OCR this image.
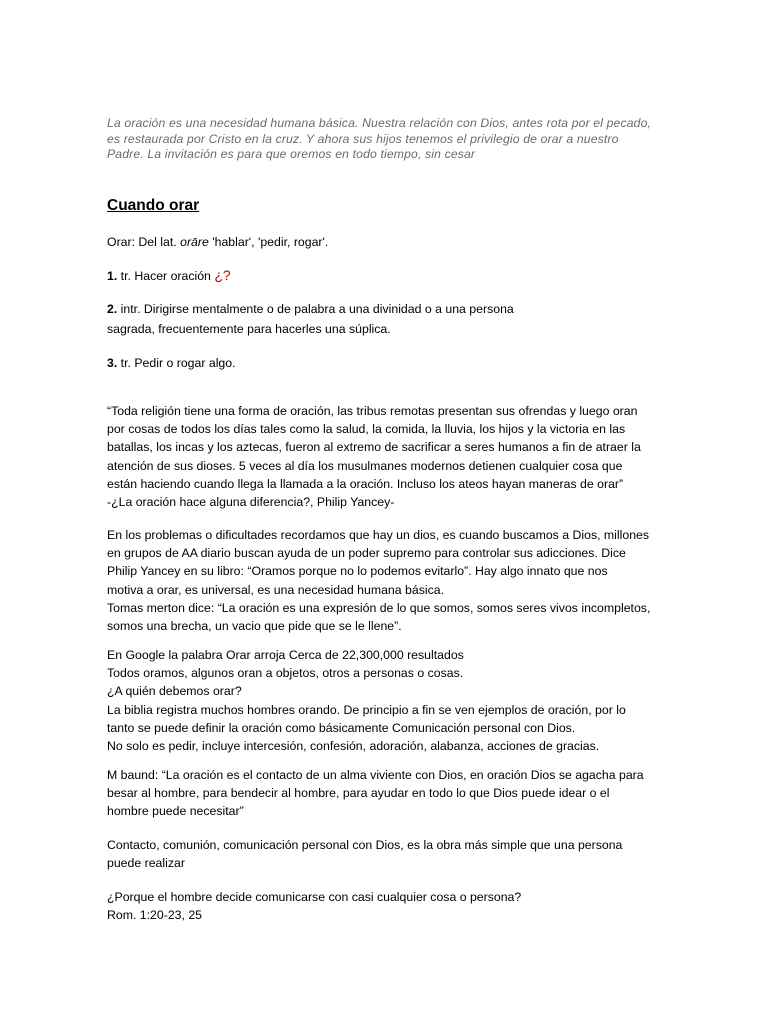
La oración es una necesidad humana básica. Nuestra relación con Dios, antes rota por el pecado,
es restaurada por Cristo en la cruz. Y ahora sus hijos tenemos el privilegio de orar a nuestro
Padre. La invitación es para que oremos en todo tiempo, sin cesar
Cuando orar
Orar: Del lat. orāre 'hablar', 'pedir, rogar'.
1. tr. Hacer oración ¿?
2. intr. Dirigirse mentalmente o de palabra a una divinidad o a una persona
sagrada, frecuentemente para hacerles una súplica.
3. tr. Pedir o rogar algo.
“Toda religión tiene una forma de oración, las tribus remotas presentan sus ofrendas y luego oran
por cosas de todos los días tales como la salud, la comida, la lluvia, los hijos y la victoria en las
batallas, los incas y los aztecas, fueron al extremo de sacrificar a seres humanos a fin de atraer la
atención de sus dioses. 5 veces al día los musulmanes modernos detienen cualquier cosa que
están haciendo cuando llega la llamada a la oración. Incluso los ateos hayan maneras de orar”
-¿La oración hace alguna diferencia?, Philip Yancey-
En los problemas o dificultades recordamos que hay un dios, es cuando buscamos a Dios, millones
en grupos de AA diario buscan ayuda de un poder supremo para controlar sus adicciones. Dice
Philip Yancey en su libro: “Oramos porque no lo podemos evitarlo”. Hay algo innato que nos
motiva a orar, es universal, es una necesidad humana básica.
Tomas merton dice: “La oración es una expresión de lo que somos, somos seres vivos incompletos,
somos una brecha, un vacio que pide que se le llene”.
En Google la palabra Orar arroja Cerca de 22,300,000 resultados
Todos oramos, algunos oran a objetos, otros a personas o cosas.
¿A quién debemos orar?
La biblia registra muchos hombres orando. De principio a fin se ven ejemplos de oración, por lo
tanto se puede definir la oración como básicamente Comunicación personal con Dios.
No solo es pedir, incluye intercesión, confesión, adoración, alabanza, acciones de gracias.
M baund: “La oración es el contacto de un alma viviente con Dios, en oración Dios se agacha para
besar al hombre, para bendecir al hombre, para ayudar en todo lo que Dios puede idear o el
hombre puede necesitar”
Contacto, comunión, comunicación personal con Dios, es la obra más simple que una persona
puede realizar
¿Porque el hombre decide comunicarse con casi cualquier cosa o persona?
Rom. 1:20-23, 25
